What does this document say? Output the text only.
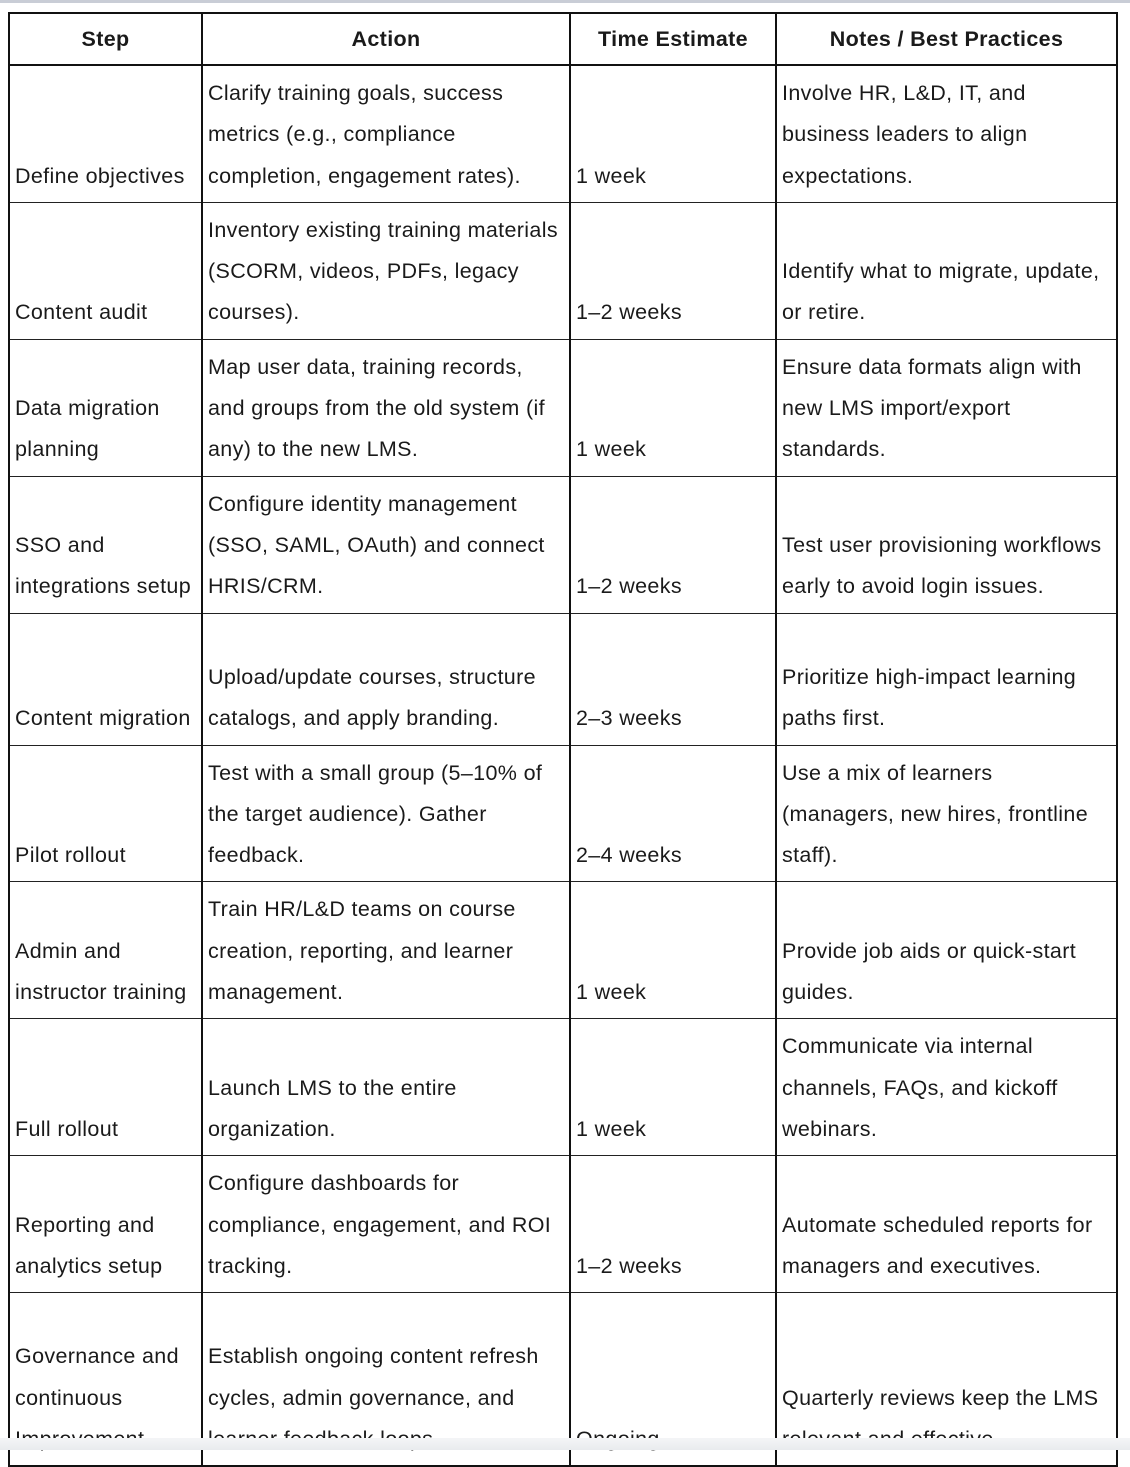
Step	Action	Time Estimate	Notes / Best Practices
Define objectives	Clarify training goals, success metrics (e.g., compliance completion, engagement rates).	1 week	Involve HR, L&D, IT, and business leaders to align expectations.
Content audit	Inventory existing training materials (SCORM, videos, PDFs, legacy courses).	1–2 weeks	Identify what to migrate, update, or retire.
Data migration planning	Map user data, training records, and groups from the old system (if any) to the new LMS.	1 week	Ensure data formats align with new LMS import/export standards.
SSO and integrations setup	Configure identity management (SSO, SAML, OAuth) and connect HRIS/CRM.	1–2 weeks	Test user provisioning workflows early to avoid login issues.
Content migration	Upload/update courses, structure catalogs, and apply branding.	2–3 weeks	Prioritize high-impact learning paths first.
Pilot rollout	Test with a small group (5–10% of the target audience). Gather feedback.	2–4 weeks	Use a mix of learners (managers, new hires, frontline staff).
Admin and instructor training	Train HR/L&D teams on course creation, reporting, and learner management.	1 week	Provide job aids or quick-start guides.
Full rollout	Launch LMS to the entire organization.	1 week	Communicate via internal channels, FAQs, and kickoff webinars.
Reporting and analytics setup	Configure dashboards for compliance, engagement, and ROI tracking.	1–2 weeks	Automate scheduled reports for managers and executives.
Governance and continuous	Establish ongoing content refresh cycles, admin governance, and		Quarterly reviews keep the LMS
